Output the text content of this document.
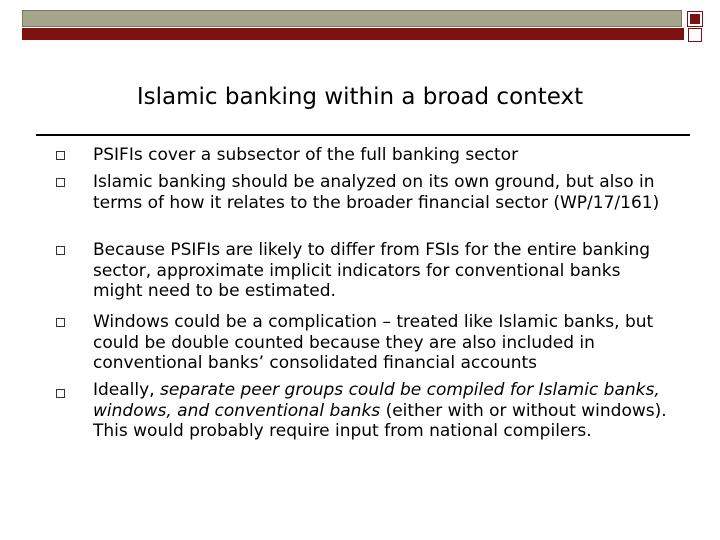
Islamic banking within a broad context
PSIFIs cover a subsector of the full banking sector
Islamic banking should be analyzed on its own ground, but also in terms of how it relates to the broader financial sector (WP/17/161)
Because PSIFIs are likely to differ from FSIs for the entire banking sector, approximate implicit indicators for conventional banks might need to be estimated.
Windows could be a complication – treated like Islamic banks, but could be double counted because they are also included in conventional banks’ consolidated financial accounts
Ideally, separate peer groups could be compiled for Islamic banks, windows, and conventional banks (either with or without windows). This would probably require input from national compilers.
